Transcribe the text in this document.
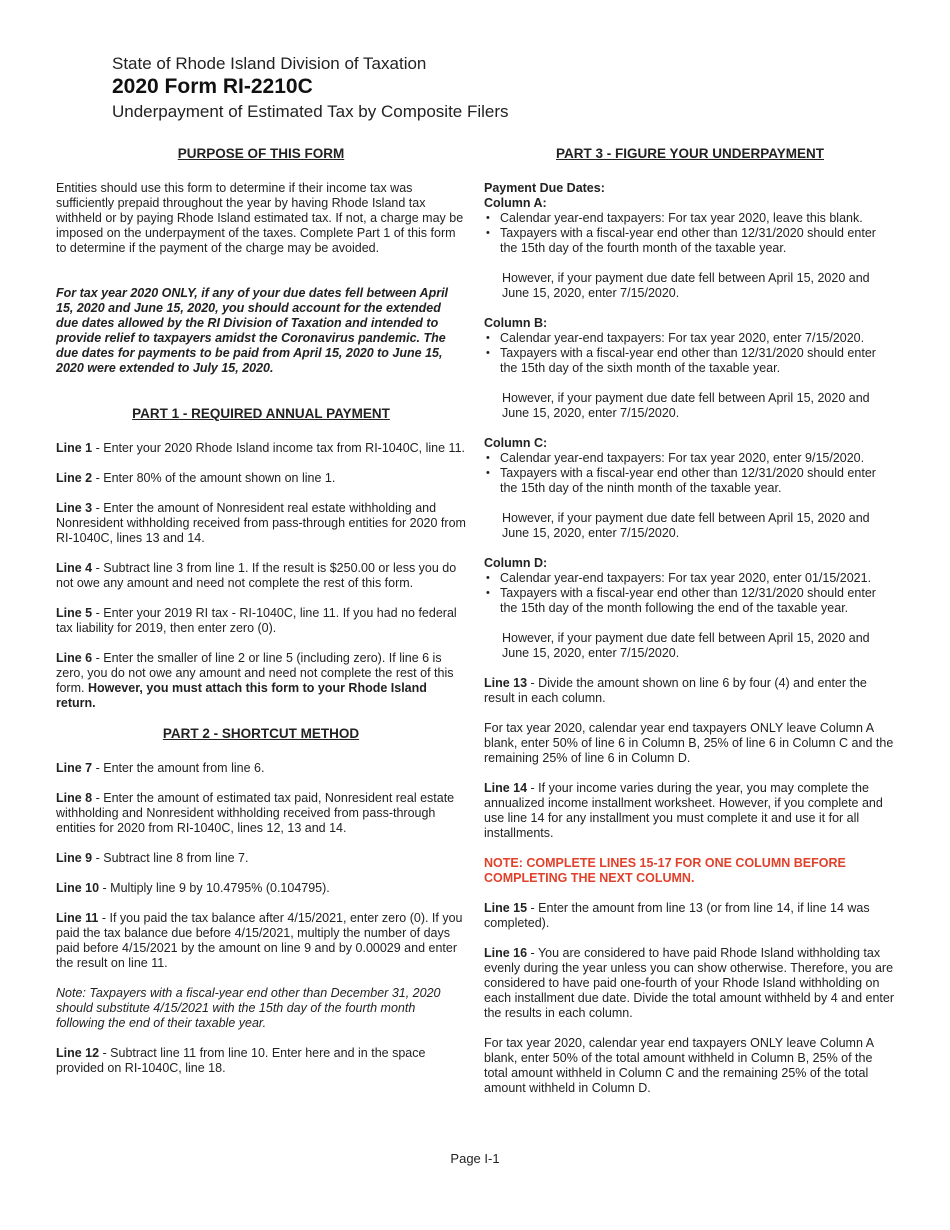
State of Rhode Island Division of Taxation
2020 Form RI-2210C
Underpayment of Estimated Tax by Composite Filers
PURPOSE OF THIS FORM

Entities should use this form to determine if their income tax was sufficiently prepaid throughout the year by having Rhode Island tax withheld or by paying Rhode Island estimated tax. If not, a charge may be imposed on the underpayment of the taxes. Complete Part 1 of this form to determine if the payment of the charge may be avoided.

For tax year 2020 ONLY, if any of your due dates fell between April 15, 2020 and June 15, 2020, you should account for the extended due dates allowed by the RI Division of Taxation and intended to provide relief to taxpayers amidst the Coronavirus pandemic. The due dates for payments to be paid from April 15, 2020 to June 15, 2020 were extended to July 15, 2020.

PART 1 - REQUIRED ANNUAL PAYMENT

Line 1 - Enter your 2020 Rhode Island income tax from RI-1040C, line 11.

Line 2 - Enter 80% of the amount shown on line 1.

Line 3 - Enter the amount of Nonresident real estate withholding and Nonresident withholding received from pass-through entities for 2020 from RI-1040C, lines 13 and 14.

Line 4 - Subtract line 3 from line 1. If the result is $250.00 or less you do not owe any amount and need not complete the rest of this form.

Line 5 - Enter your 2019 RI tax - RI-1040C, line 11. If you had no federal tax liability for 2019, then enter zero (0).

Line 6 - Enter the smaller of line 2 or line 5 (including zero). If line 6 is zero, you do not owe any amount and need not complete the rest of this form. However, you must attach this form to your Rhode Island return.

PART 2 - SHORTCUT METHOD

Line 7 - Enter the amount from line 6.

Line 8 - Enter the amount of estimated tax paid, Nonresident real estate withholding and Nonresident withholding received from pass-through entities for 2020 from RI-1040C, lines 12, 13 and 14.

Line 9 - Subtract line 8 from line 7.

Line 10 - Multiply line 9 by 10.4795% (0.104795).

Line 11 - If you paid the tax balance after 4/15/2021, enter zero (0). If you paid the tax balance due before 4/15/2021, multiply the number of days paid before 4/15/2021 by the amount on line 9 and by 0.00029 and enter the result on line 11.

Note: Taxpayers with a fiscal-year end other than December 31, 2020 should substitute 4/15/2021 with the 15th day of the fourth month following the end of their taxable year.

Line 12 - Subtract line 11 from line 10. Enter here and in the space provided on RI-1040C, line 18.

PART 3 - FIGURE YOUR UNDERPAYMENT
Payment Due Dates:
Column A:
• Calendar year-end taxpayers: For tax year 2020, leave this blank.
• Taxpayers with a fiscal-year end other than 12/31/2020 should enter the 15th day of the fourth month of the taxable year.

However, if your payment due date fell between April 15, 2020 and June 15, 2020, enter 7/15/2020.

Column B:
• Calendar year-end taxpayers: For tax year 2020, enter 7/15/2020.
• Taxpayers with a fiscal-year end other than 12/31/2020 should enter the 15th day of the sixth month of the taxable year.

However, if your payment due date fell between April 15, 2020 and June 15, 2020, enter 7/15/2020.

Column C:
• Calendar year-end taxpayers: For tax year 2020, enter 9/15/2020.
• Taxpayers with a fiscal-year end other than 12/31/2020 should enter the 15th day of the ninth month of the taxable year.

However, if your payment due date fell between April 15, 2020 and June 15, 2020, enter 7/15/2020.

Column D:
• Calendar year-end taxpayers: For tax year 2020, enter 01/15/2021.
• Taxpayers with a fiscal-year end other than 12/31/2020 should enter the 15th day of the month following the end of the taxable year.

However, if your payment due date fell between April 15, 2020 and June 15, 2020, enter 7/15/2020.

Line 13 - Divide the amount shown on line 6 by four (4) and enter the result in each column.

For tax year 2020, calendar year end taxpayers ONLY leave Column A blank, enter 50% of line 6 in Column B, 25% of line 6 in Column C and the remaining 25% of line 6 in Column D.

Line 14 - If your income varies during the year, you may complete the annualized income installment worksheet. However, if you complete and use line 14 for any installment you must complete it and use it for all installments.

NOTE: COMPLETE LINES 15-17 FOR ONE COLUMN BEFORE COMPLETING THE NEXT COLUMN.

Line 15 - Enter the amount from line 13 (or from line 14, if line 14 was completed).

Line 16 - You are considered to have paid Rhode Island withholding tax evenly during the year unless you can show otherwise. Therefore, you are considered to have paid one-fourth of your Rhode Island withholding on each installment due date. Divide the total amount withheld by 4 and enter the results in each column.

For tax year 2020, calendar year end taxpayers ONLY leave Column A blank, enter 50% of the total amount withheld in Column B, 25% of the total amount withheld in Column C and the remaining 25% of the total amount withheld in Column D.

Page I-1
